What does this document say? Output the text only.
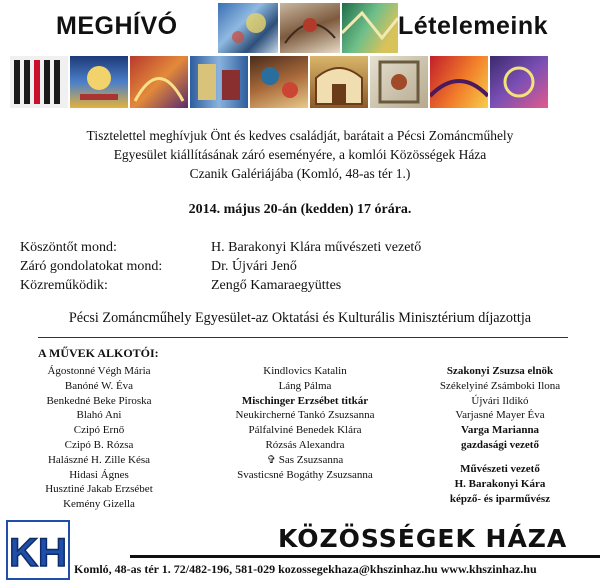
MEGHÍVÓ	Lételemeink
Tisztelettel meghívjuk Önt és kedves családját, barátait a Pécsi Zománcműhely
Egyesület kiállításának záró eseményére, a komlói Közösségek Háza
Czanik Galériájába (Komló, 48-as tér 1.)
2014. május 20-án (kedden) 17 órára.
Köszöntőt mond:
Záró gondolatokat mond:
Közreműködik:
H. Barakonyi Klára művészeti vezető
Dr. Újvári Jenő
Zengő Kamaraegyüttes
Pécsi Zománcműhely Egyesület-az Oktatási és Kulturális Minisztérium díjazottja
A MŰVEK ALKOTÓI:
Ágostonné Végh Mária
Banóné W. Éva
Benkedné Beke Piroska
Blahó Ani
Czipó Ernő
Czipó B. Rózsa
Halászné H. Zille Késa
Hidasi Ágnes
Husztiné Jakab Erzsébet
Kemény Gizella
Kindlovics Katalin
Láng Pálma
Mischinger Erzsébet titkár
Neukircherné Tankó Zsuzsanna
Pálfalviné Benedek Klára
Rózsás Alexandra
✞ Sas Zsuzsanna
Svasticsné Bogáthy Zsuzsanna
Szakonyi Zsuzsa elnök
Székelyiné Zsámboki Ilona
Újvári Ildikó
Varjasné Mayer Éva
Varga Marianna
gazdasági vezető
Művészeti vezető
H. Barakonyi Kára
képző- és iparművész
KH	KÖZÖSSÉGEK HÁZA
Komló, 48-as tér 1. 72/482-196, 581-029 kozossegekhaza@khszinhaz.hu www.khszinhaz.hu
